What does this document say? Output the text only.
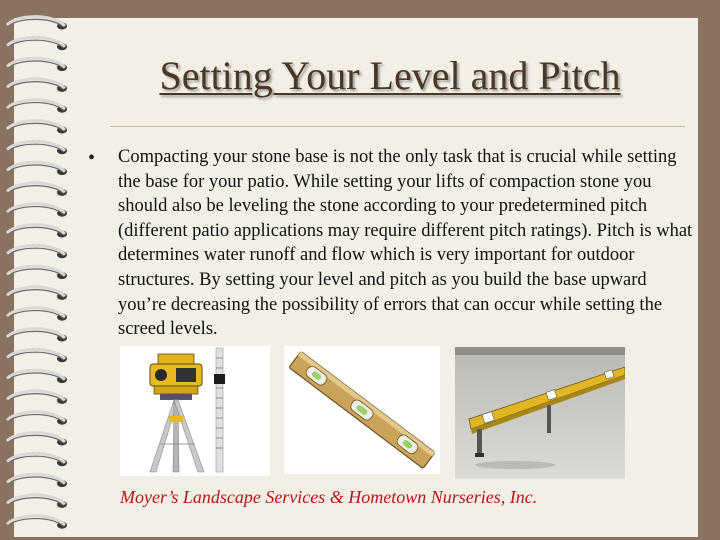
Setting Your Level and Pitch
• Compacting your stone base is not the only task that is crucial while setting the base for your patio. While setting your lifts of compaction stone you should also be leveling the stone according to your predetermined pitch (different patio applications may require different pitch ratings). Pitch is what determines water runoff and flow which is very important for outdoor structures. By setting your level and pitch as you build the base upward you’re decreasing the possibility of errors that can occur while setting the screed levels.
Moyer’s Landscape Services & Hometown Nurseries, Inc.
